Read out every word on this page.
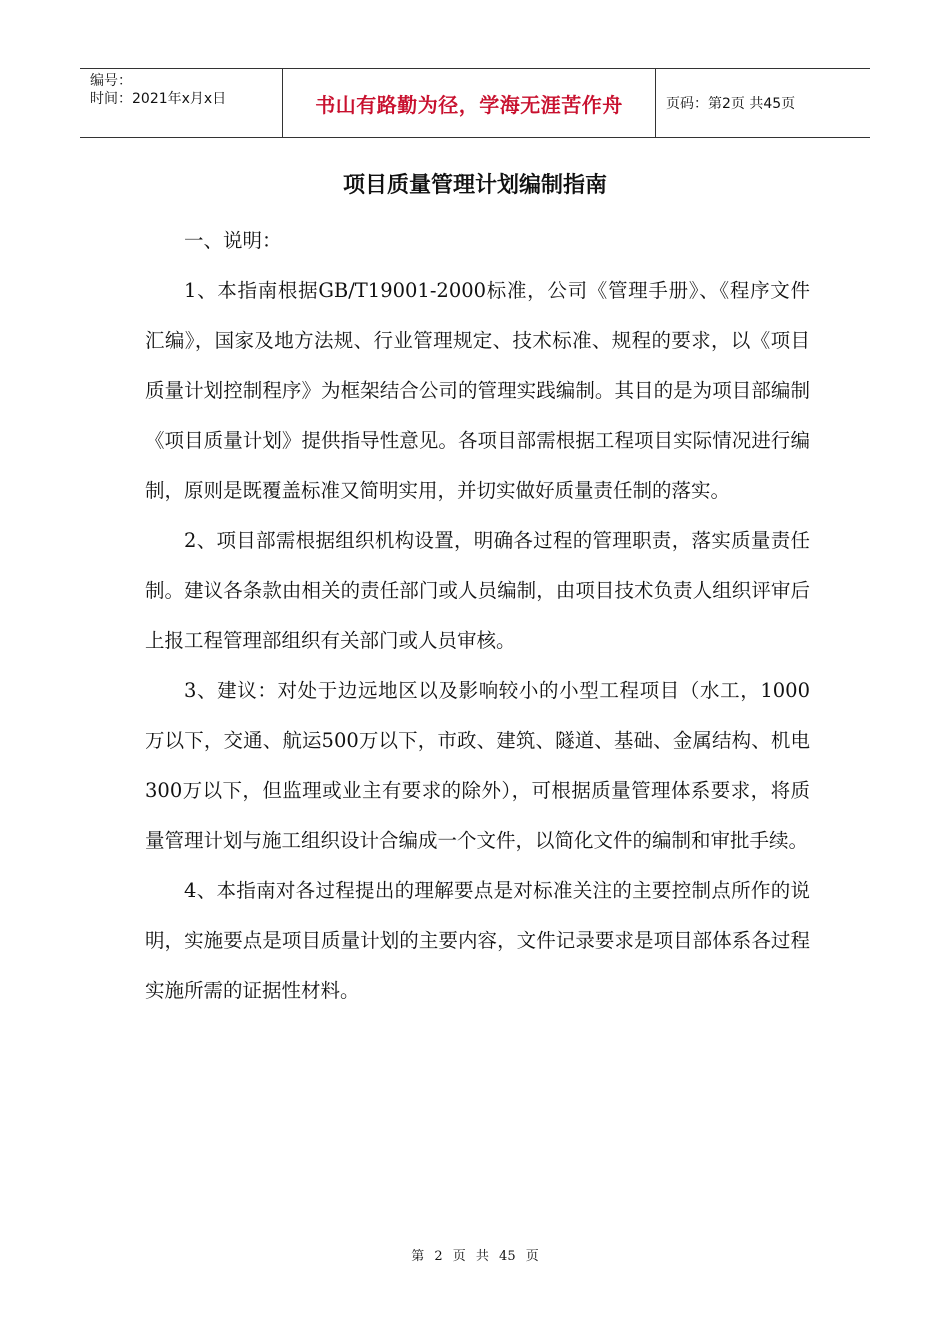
编号：
时间：2021年x月x日	书山有路勤为径，学海无涯苦作舟	页码：第2页 共45页
项目质量管理计划编制指南

一、说明：

1、本指南根据GB/T19001-2000标准，公司《管理手册》、《程序文件汇编》，国家及地方法规、行业管理规定、技术标准、规程的要求，以《项目质量计划控制程序》为框架结合公司的管理实践编制。其目的是为项目部编制《项目质量计划》提供指导性意见。各项目部需根据工程项目实际情况进行编制，原则是既覆盖标准又简明实用，并切实做好质量责任制的落实。

2、项目部需根据组织机构设置，明确各过程的管理职责，落实质量责任制。建议各条款由相关的责任部门或人员编制，由项目技术负责人组织评审后上报工程管理部组织有关部门或人员审核。

3、建议：对处于边远地区以及影响较小的小型工程项目（水工，1000万以下，交通、航运500万以下，市政、建筑、隧道、基础、金属结构、机电300万以下，但监理或业主有要求的除外），可根据质量管理体系要求，将质量管理计划与施工组织设计合编成一个文件，以简化文件的编制和审批手续。

4、本指南对各过程提出的理解要点是对标准关注的主要控制点所作的说明，实施要点是项目质量计划的主要内容，文件记录要求是项目部体系各过程实施所需的证据性材料。

第 2 页 共 45 页
